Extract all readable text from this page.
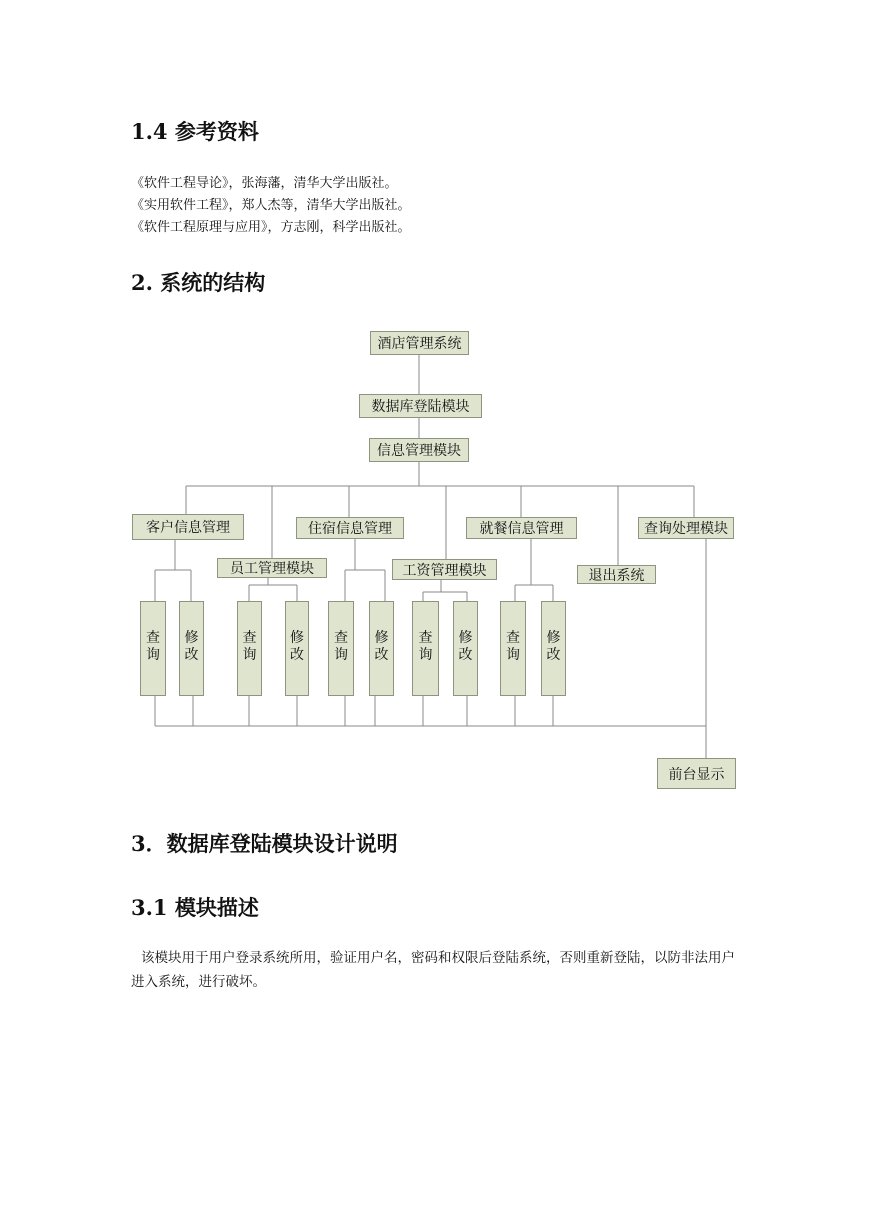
1.4 参考资料
《软件工程导论》，张海藩，清华大学出版社。
《实用软件工程》，郑人杰等，清华大学出版社。
《软件工程原理与应用》，方志刚，科学出版社。
2. 系统的结构
酒店管理系统
数据库登陆模块
信息管理模块
客户信息管理
员工管理模块
住宿信息管理
工资管理模块
就餐信息管理
退出系统
查询处理模块
查
询
修
改
查
询
修
改
查
询
修
改
查
询
修
改
查
询
修
改
前台显示
3．数据库登陆模块设计说明
3.1 模块描述
该模块用于用户登录系统所用，验证用户名，密码和权限后登陆系统，否则重新登陆，以防非法用户进入系统，进行破坏。
